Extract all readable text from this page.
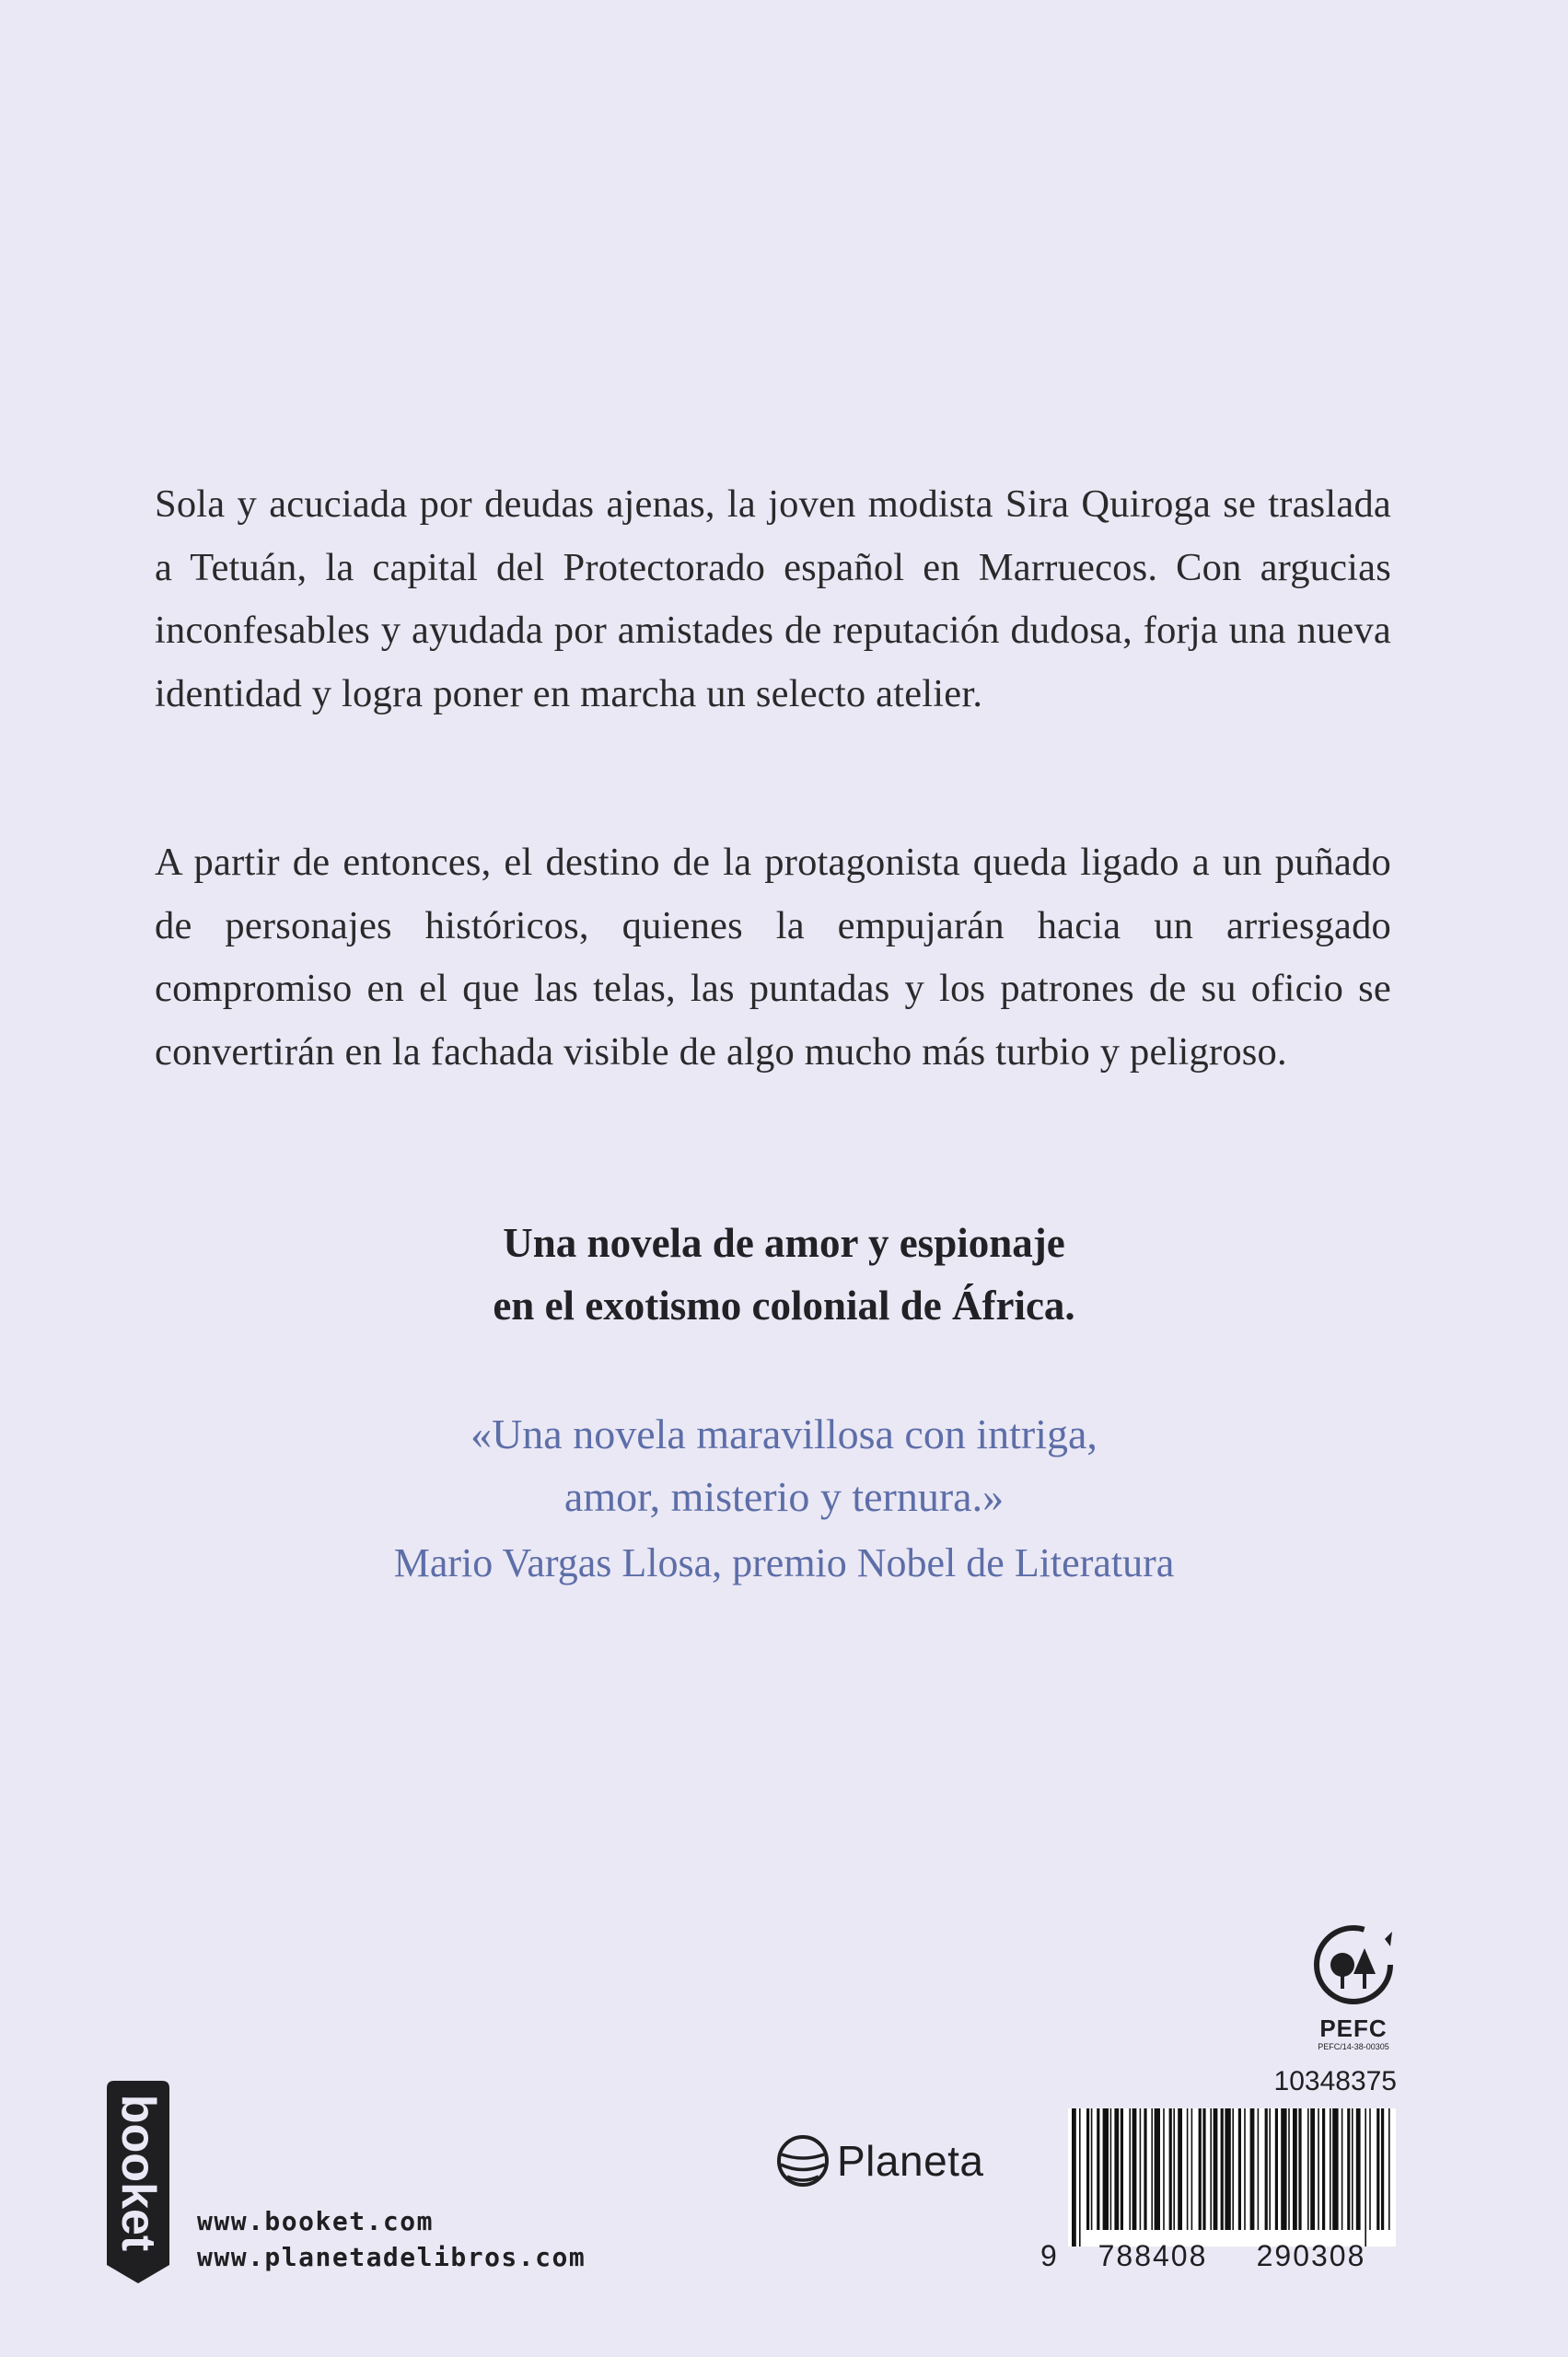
Sola y acuciada por deudas ajenas, la joven modista Sira Quiroga se traslada a Tetuán, la capital del Protectorado español en Marruecos. Con argucias inconfesables y ayudada por amistades de reputación dudosa, forja una nueva identidad y logra poner en marcha un selecto atelier.

A partir de entonces, el destino de la protagonista queda ligado a un puñado de personajes históricos, quienes la empujarán hacia un arriesgado compromiso en el que las telas, las puntadas y los patrones de su oficio se convertirán en la fachada visible de algo mucho más turbio y peligroso.

Una novela de amor y espionaje
en el exotismo colonial de África.
«Una novela maravillosa con intriga,
amor, misterio y ternura.»
Mario Vargas Llosa, premio Nobel de Literatura
booket www.booket.com
www.planetadelibros.com
Planeta
PEFC
PEFC/14-38-00305
10348375
9 788408 290308
